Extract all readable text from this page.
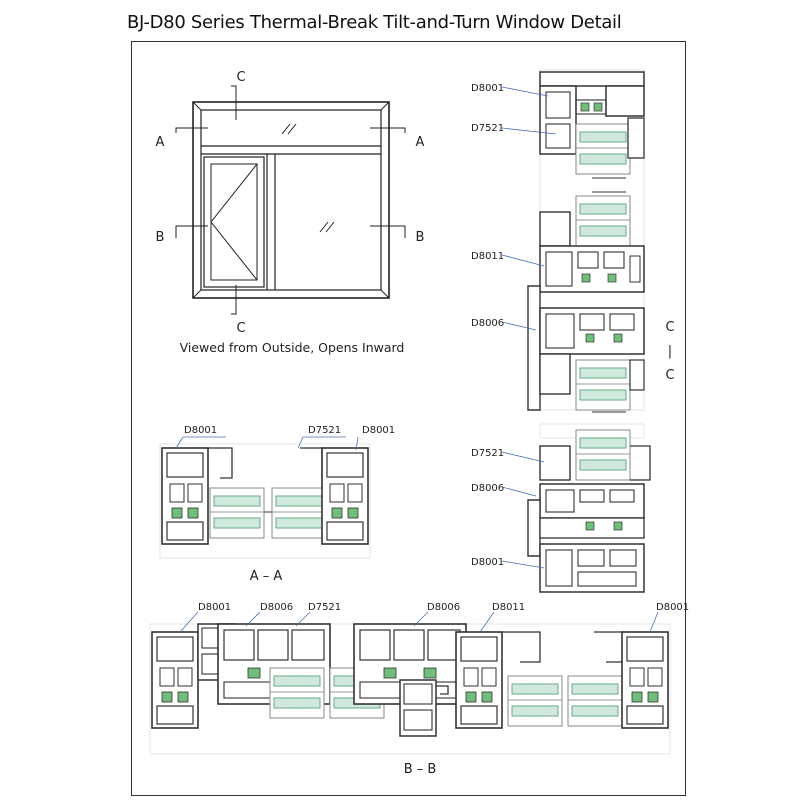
BJ-D80 Series Thermal-Break Tilt-and-Turn Window Detail
A	A
B	B
C
C
Viewed from Outside, Opens Inward
D8001
D7521
D8011
D8006
D7521
D8006
D8001
C
|
C
D8001	D7521 D8001
A – A
D8001	D8006 D7521	D8006	D8011	D8001
B – B
